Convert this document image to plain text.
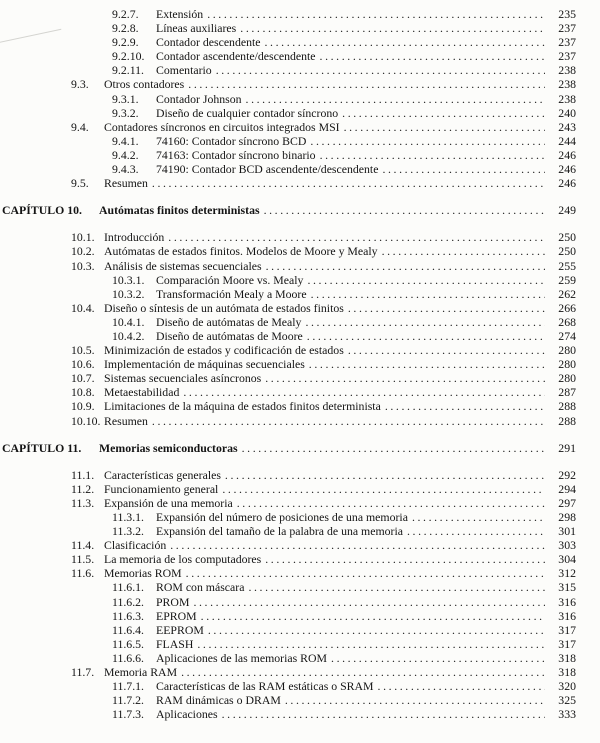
9.2.7.	Extensión .....	235
9.2.8.	Líneas auxiliares .....	237
9.2.9.	Contador descendente .....	237
9.2.10. Contador ascendente/descendente .....	237
9.2.11.	Comentario .....	238
9.3.	Otros contadores .....	238
9.3.1.	Contador Johnson .....	238
9.3.2.	Diseño de cualquier contador síncrono .....	240
9.4.	Contadores síncronos en circuitos integrados MSI .....	243
9.4.1.	74160: Contador síncrono BCD .....	244
9.4.2.	74163: Contador síncrono binario .....	246
9.4.3.	74190: Contador BCD ascendente/descendente .....	246
9.5.	Resumen .....	246
CAPÍTULO 10.	Autómatas finitos deterministas .....	249
10.1. Introducción .....	250
10.2. Autómatas de estados finitos. Modelos de Moore y Mealy .....	250
10.3. Análisis de sistemas secuenciales .....	255
10.3.1. Comparación Moore vs. Mealy .....	259
10.3.2. Transformación Mealy a Moore .....	262
10.4. Diseño o síntesis de un autómata de estados finitos .....	266
10.4.1. Diseño de autómatas de Mealy .....	268
10.4.2. Diseño de autómatas de Moore .....	274
10.5. Minimización de estados y codificación de estados .....	280
10.6. Implementación de máquinas secuenciales .....	280
10.7. Sistemas secuenciales asíncronos .....	280
10.8. Metaestabilidad .....	287
10.9. Limitaciones de la máquina de estados finitos determinista .....	288
10.10. Resumen .....	288
CAPÍTULO 11.	Memorias semiconductoras .....	291
11.1. Características generales .....	292
11.2. Funcionamiento general .....	294
11.3. Expansión de una memoria .....	297
11.3.1.	Expansión del número de posiciones de una memoria .....	298
11.3.2.	Expansión del tamaño de la palabra de una memoria .....	301
11.4. Clasificación .....	303
11.5. La memoria de los computadores .....	304
11.6. Memorias ROM .....	312
11.6.1.	ROM con máscara .....	315
11.6.2.	PROM .....	316
11.6.3.	EPROM .....	316
11.6.4.	EEPROM .....	317
11.6.5.	FLASH .....	317
11.6.6.	Aplicaciones de las memorias ROM .....	318
11.7. Memoria RAM .....	318
11.7.1.	Características de las RAM estáticas o SRAM .....	320
11.7.2.	RAM dinámicas o DRAM .....	325
11.7.3.	Aplicaciones .....	333
